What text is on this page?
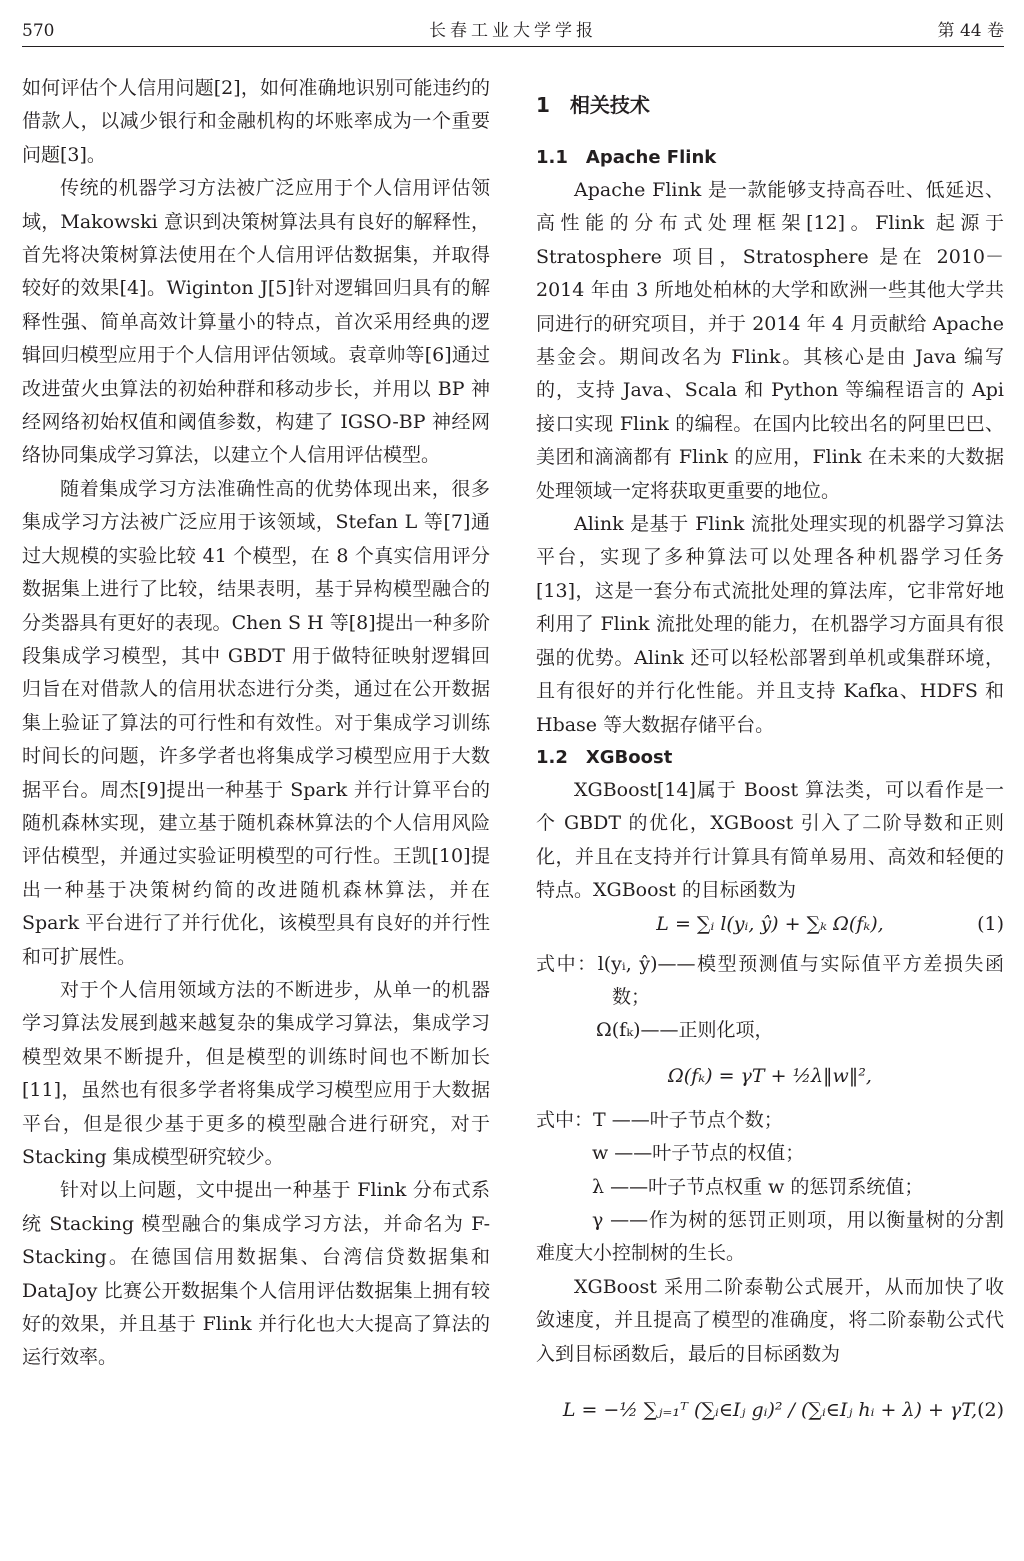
570	长春工业大学学报	第 44 卷

如何评估个人信用问题[2]，如何准确地识别可能违约的借款人，以减少银行和金融机构的坏账率成为一个重要问题[3]。

传统的机器学习方法被广泛应用于个人信用评估领域，Makowski 意识到决策树算法具有良好的解释性，首先将决策树算法使用在个人信用评估数据集，并取得较好的效果[4]。Wiginton J[5]针对逻辑回归具有的解释性强、简单高效计算量小的特点，首次采用经典的逻辑回归模型应用于个人信用评估领域。袁章帅等[6]通过改进萤火虫算法的初始种群和移动步长，并用以 BP 神经网络初始权值和阈值参数，构建了 IGSO-BP 神经网络协同集成学习算法，以建立个人信用评估模型。

随着集成学习方法准确性高的优势体现出来，很多集成学习方法被广泛应用于该领域，Stefan L 等[7]通过大规模的实验比较 41 个模型，在 8 个真实信用评分数据集上进行了比较，结果表明，基于异构模型融合的分类器具有更好的表现。Chen S H 等[8]提出一种多阶段集成学习模型，其中 GBDT 用于做特征映射逻辑回归旨在对借款人的信用状态进行分类，通过在公开数据集上验证了算法的可行性和有效性。对于集成学习训练时间长的问题，许多学者也将集成学习模型应用于大数据平台。周杰[9]提出一种基于 Spark 并行计算平台的随机森林实现，建立基于随机森林算法的个人信用风险评估模型，并通过实验证明模型的可行性。王凯[10]提出一种基于决策树约简的改进随机森林算法，并在 Spark 平台进行了并行优化，该模型具有良好的并行性和可扩展性。

对于个人信用领域方法的不断进步，从单一的机器学习算法发展到越来越复杂的集成学习算法，集成学习模型效果不断提升，但是模型的训练时间也不断加长[11]，虽然也有很多学者将集成学习模型应用于大数据平台，但是很少基于更多的模型融合进行研究，对于 Stacking 集成模型研究较少。

针对以上问题，文中提出一种基于 Flink 分布式系统 Stacking 模型融合的集成学习方法，并命名为 F-Stacking。在德国信用数据集、台湾信贷数据集和 DataJoy 比赛公开数据集个人信用评估数据集上拥有较好的效果，并且基于 Flink 并行化也大大提高了算法的运行效率。

1　相关技术
1.1　Apache Flink

Apache Flink 是一款能够支持高吞吐、低延迟、高性能的分布式处理框架[12]。Flink 起源于 Stratosphere 项目，Stratosphere 是在 2010－2014 年由 3 所地处柏林的大学和欧洲一些其他大学共同进行的研究项目，并于 2014 年 4 月贡献给 Apache 基金会。期间改名为 Flink。其核心是由 Java 编写的，支持 Java、Scala 和 Python 等编程语言的 Api 接口实现 Flink 的编程。在国内比较出名的阿里巴巴、美团和滴滴都有 Flink 的应用，Flink 在未来的大数据处理领域一定将获取更重要的地位。

Alink 是基于 Flink 流批处理实现的机器学习算法平台，实现了多种算法可以处理各种机器学习任务[13]，这是一套分布式流批处理的算法库，它非常好地利用了 Flink 流批处理的能力，在机器学习方面具有很强的优势。Alink 还可以轻松部署到单机或集群环境，且有很好的并行化性能。并且支持 Kafka、HDFS 和 Hbase 等大数据存储平台。

1.2　XGBoost

XGBoost[14]属于 Boost 算法类，可以看作是一个 GBDT 的优化，XGBoost 引入了二阶导数和正则化，并且在支持并行计算具有简单易用、高效和轻便的特点。XGBoost 的目标函数为

L = ∑ᵢ l(yᵢ, ŷ) + ∑ₖ Ω(fₖ),	(1)

式中：l(yᵢ, ŷ)——模型预测值与实际值平方差损失函数；

Ω(fₖ)——正则化项，

Ω(fₖ) = γT + ½λ‖w‖²,

式中：T ——叶子节点个数；

w ——叶子节点的权值；

λ ——叶子节点权重 w 的惩罚系统值；

γ ——作为树的惩罚正则项，用以衡量树的分割难度大小控制树的生长。

XGBoost 采用二阶泰勒公式展开，从而加快了收敛速度，并且提高了模型的准确度，将二阶泰勒公式代入到目标函数后，最后的目标函数为

L = −½ ∑ⱼ₌₁ᵀ (∑ᵢ∈Iⱼ gᵢ)² / (∑ᵢ∈Iⱼ hᵢ + λ) + γT, (2)
